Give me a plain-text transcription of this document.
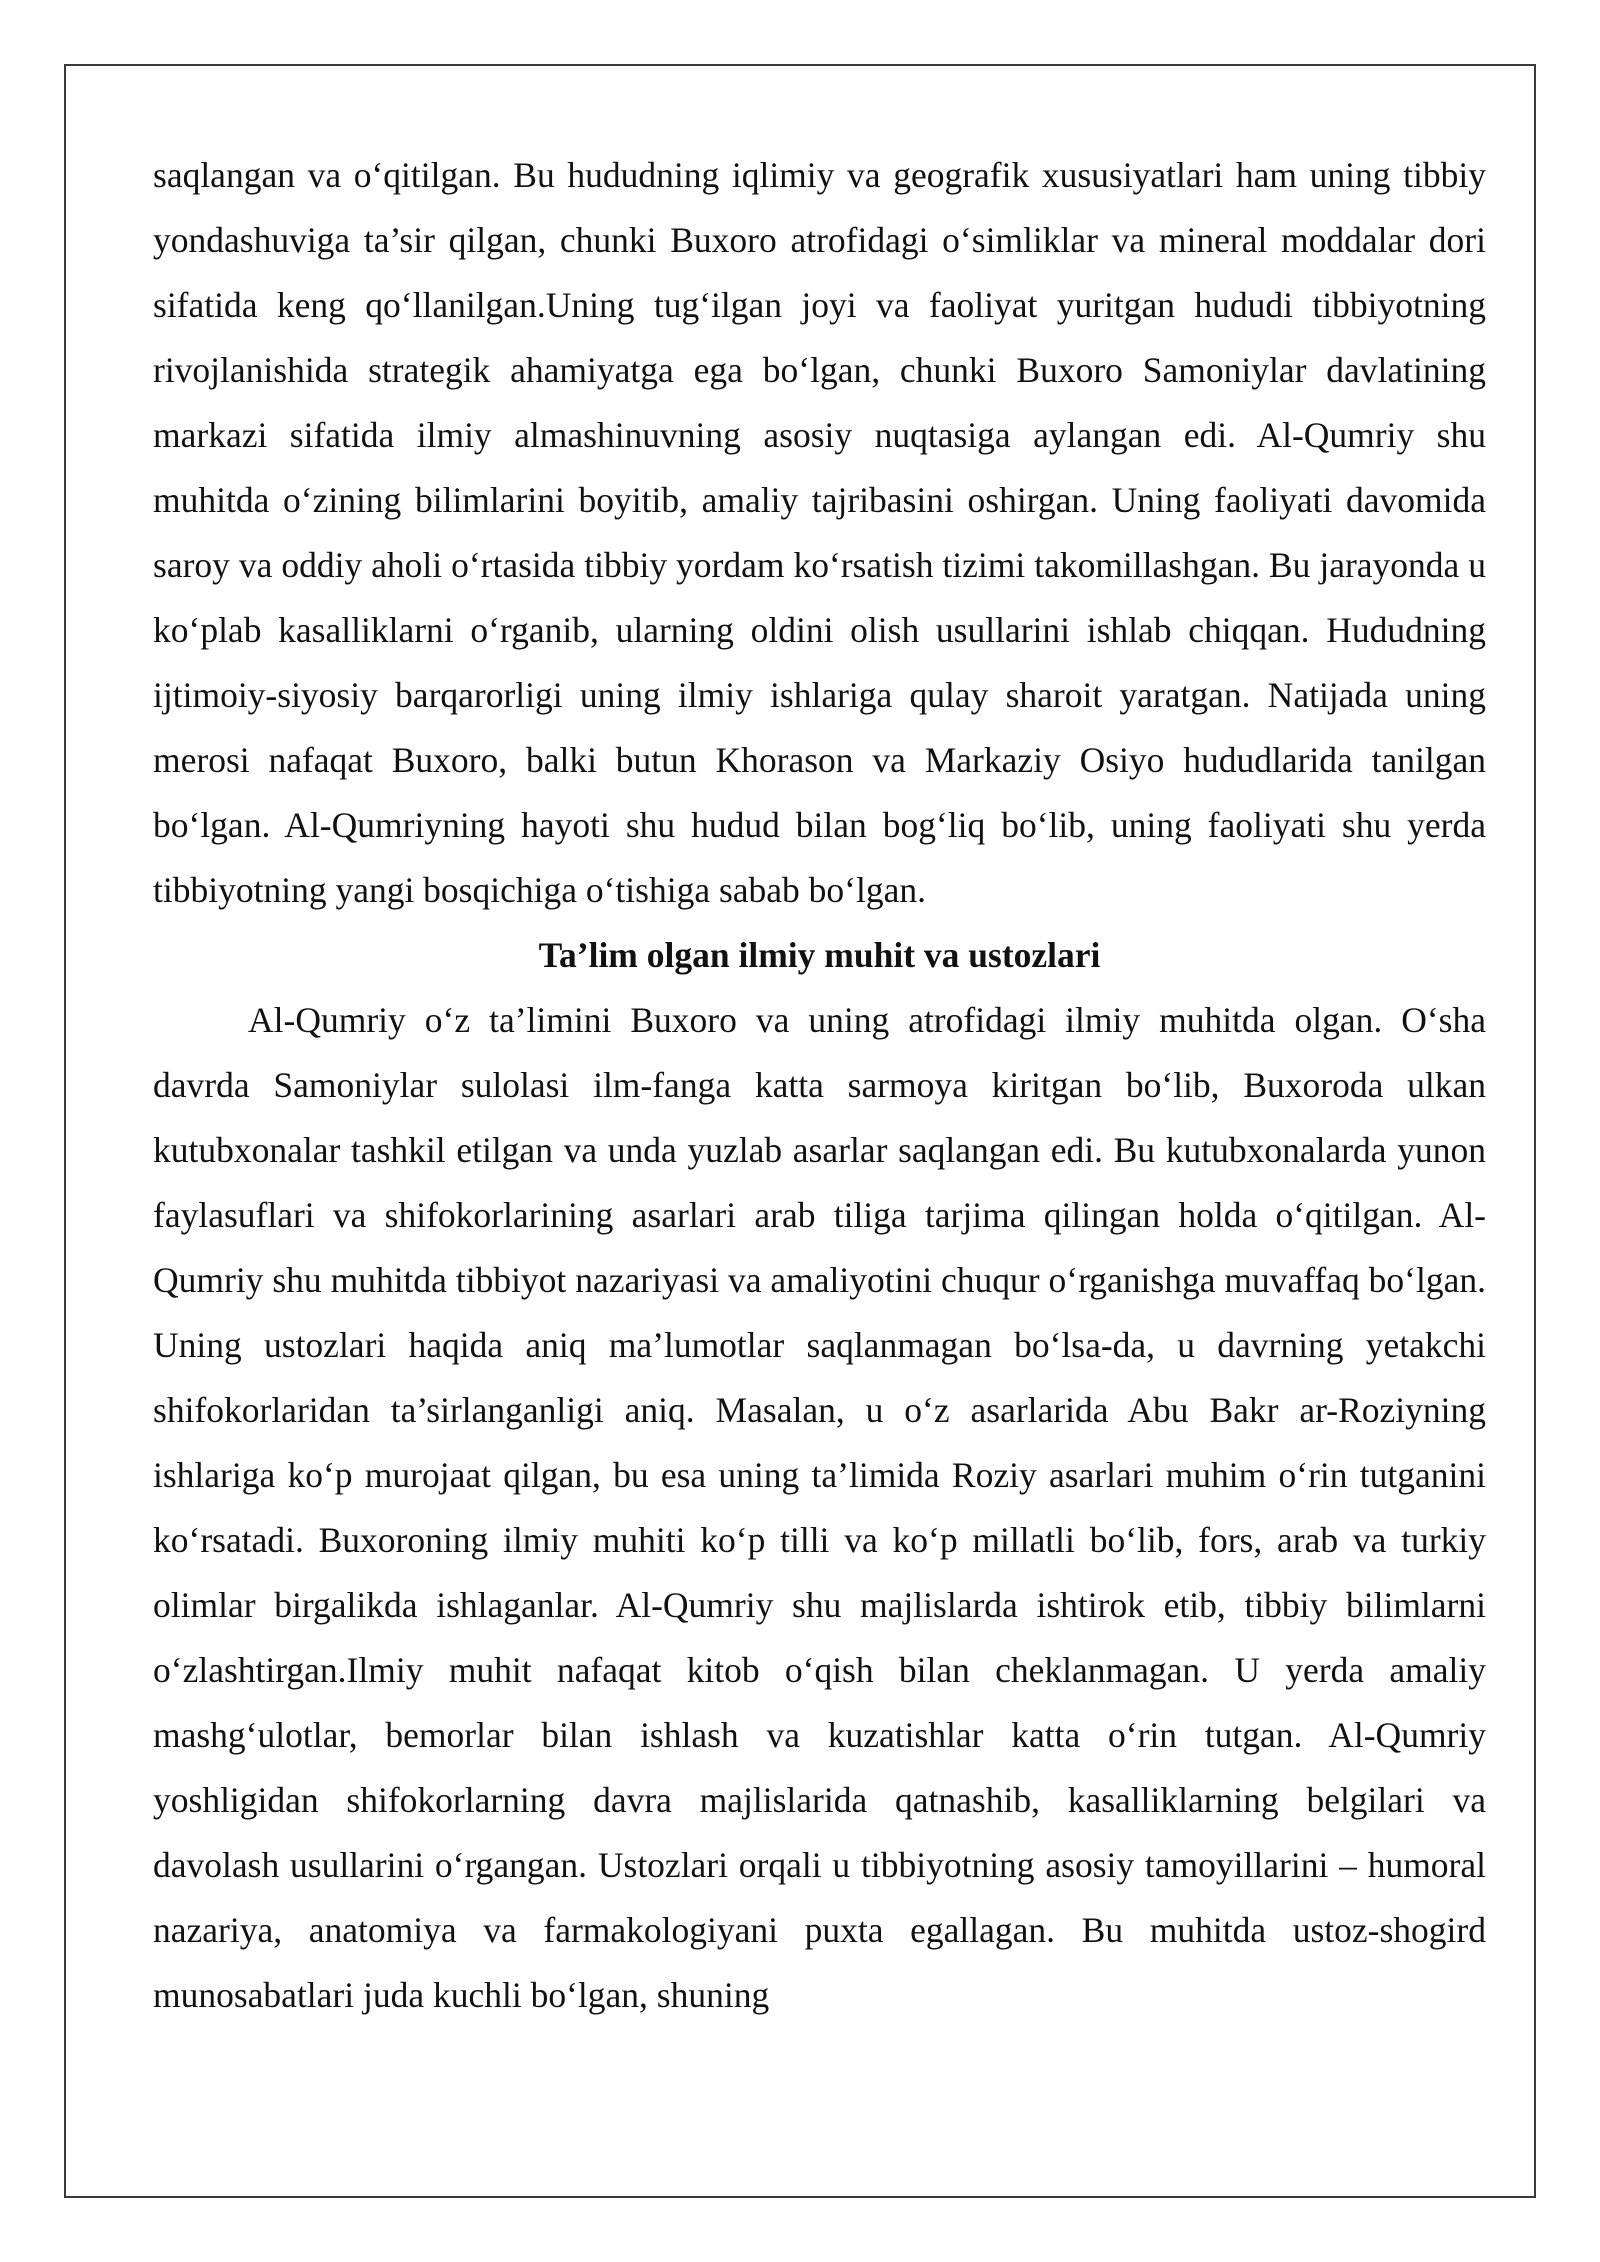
saqlangan va o‘qitilgan. Bu hududning iqlimiy va geografik xususiyatlari ham uning tibbiy yondashuviga ta’sir qilgan, chunki Buxoro atrofidagi o‘simliklar va mineral moddalar dori sifatida keng qo‘llanilgan.Uning tug‘ilgan joyi va faoliyat yuritgan hududi tibbiyotning rivojlanishida strategik ahamiyatga ega bo‘lgan, chunki Buxoro Samoniylar davlatining markazi sifatida ilmiy almashinuvning asosiy nuqtasiga aylangan edi. Al-Qumriy shu muhitda o‘zining bilimlarini boyitib, amaliy tajribasini oshirgan. Uning faoliyati davomida saroy va oddiy aholi o‘rtasida tibbiy yordam ko‘rsatish tizimi takomillashgan. Bu jarayonda u ko‘plab kasalliklarni o‘rganib, ularning oldini olish usullarini ishlab chiqqan. Hududning ijtimoiy-siyosiy barqarorligi uning ilmiy ishlariga qulay sharoit yaratgan. Natijada uning merosi nafaqat Buxoro, balki butun Khorason va Markaziy Osiyo hududlarida tanilgan bo‘lgan. Al-Qumriyning hayoti shu hudud bilan bog‘liq bo‘lib, uning faoliyati shu yerda tibbiyotning yangi bosqichiga o‘tishiga sabab bo‘lgan.

Ta’lim olgan ilmiy muhit va ustozlari

Al-Qumriy o‘z ta’limini Buxoro va uning atrofidagi ilmiy muhitda olgan. O‘sha davrda Samoniylar sulolasi ilm-fanga katta sarmoya kiritgan bo‘lib, Buxoroda ulkan kutubxonalar tashkil etilgan va unda yuzlab asarlar saqlangan edi. Bu kutubxonalarda yunon faylasuflari va shifokorlarining asarlari arab tiliga tarjima qilingan holda o‘qitilgan. Al-Qumriy shu muhitda tibbiyot nazariyasi va amaliyotini chuqur o‘rganishga muvaffaq bo‘lgan. Uning ustozlari haqida aniq ma’lumotlar saqlanmagan bo‘lsa-da, u davrning yetakchi shifokorlaridan ta’sirlanganligi aniq. Masalan, u o‘z asarlarida Abu Bakr ar-Roziyning ishlariga ko‘p murojaat qilgan, bu esa uning ta’limida Roziy asarlari muhim o‘rin tutganini ko‘rsatadi. Buxoroning ilmiy muhiti ko‘p tilli va ko‘p millatli bo‘lib, fors, arab va turkiy olimlar birgalikda ishlaganlar. Al-Qumriy shu majlislarda ishtirok etib, tibbiy bilimlarni o‘zlashtirgan.Ilmiy muhit nafaqat kitob o‘qish bilan cheklanmagan. U yerda amaliy mashg‘ulotlar, bemorlar bilan ishlash va kuzatishlar katta o‘rin tutgan. Al-Qumriy yoshligidan shifokorlarning davra majlislarida qatnashib, kasalliklarning belgilari va davolash usullarini o‘rgangan. Ustozlari orqali u tibbiyotning asosiy tamoyillarini – humoral nazariya, anatomiya va farmakologiyani puxta egallagan. Bu muhitda ustoz-shogird munosabatlari juda kuchli bo‘lgan, shuning
